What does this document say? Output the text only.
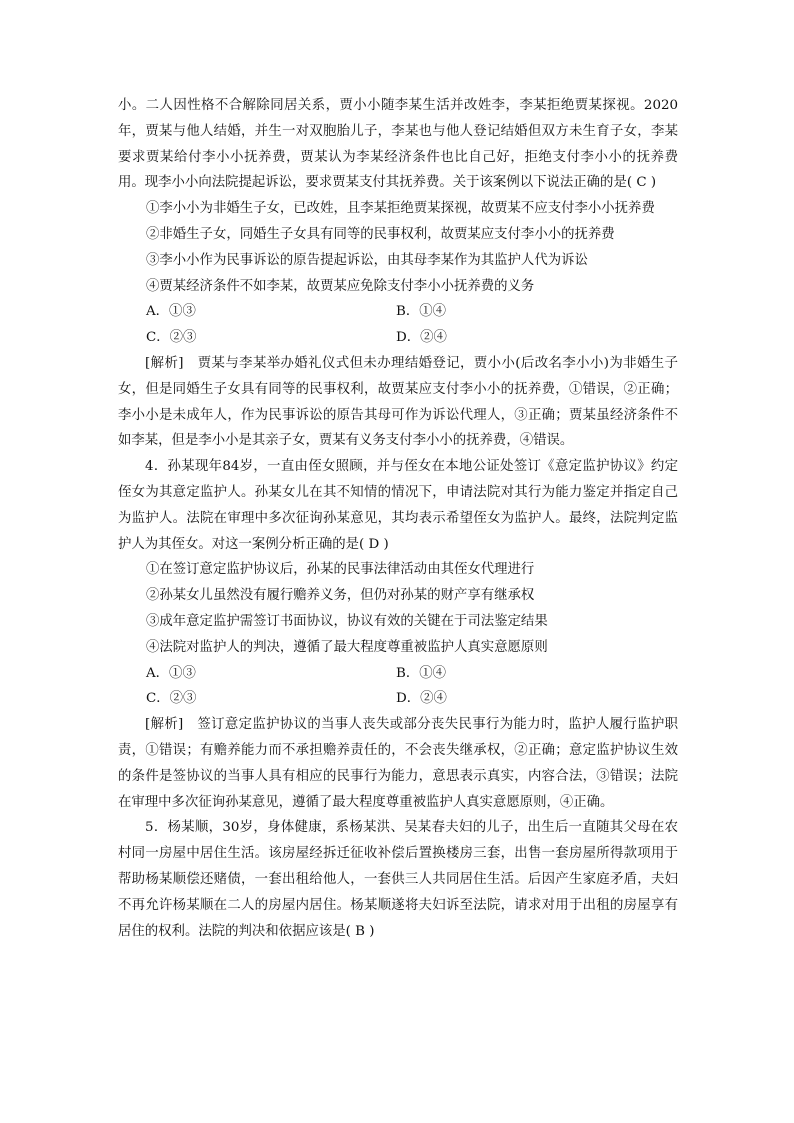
小。二人因性格不合解除同居关系，贾小小随李某生活并改姓李，李某拒绝贾某探视。2020年，贾某与他人结婚，并生一对双胞胎儿子，李某也与他人登记结婚但双方未生育子女，李某要求贾某给付李小小抚养费，贾某认为李某经济条件也比自己好，拒绝支付李小小的抚养费用。现李小小向法院提起诉讼，要求贾某支付其抚养费。关于该案例以下说法正确的是( C )

①李小小为非婚生子女，已改姓，且李某拒绝贾某探视，故贾某不应支付李小小抚养费

②非婚生子女，同婚生子女具有同等的民事权利，故贾某应支付李小小的抚养费

③李小小作为民事诉讼的原告提起诉讼，由其母李某作为其监护人代为诉讼

④贾某经济条件不如李某，故贾某应免除支付李小小抚养费的义务

A．①③	B．①④
C．②③	D．②④

[解析]　 贾某与李某举办婚礼仪式但未办理结婚登记，贾小小(后改名李小小)为非婚生子女，但是同婚生子女具有同等的民事权利，故贾某应支付李小小的抚养费，①错误，②正确；李小小是未成年人，作为民事诉讼的原告其母可作为诉讼代理人，③正确；贾某虽经济条件不如李某，但是李小小是其亲子女，贾某有义务支付李小小的抚养费，④错误。

4．孙某现年84岁，一直由侄女照顾，并与侄女在本地公证处签订《意定监护协议》约定侄女为其意定监护人。孙某女儿在其不知情的情况下，申请法院对其行为能力鉴定并指定自己为监护人。法院在审理中多次征询孙某意见，其均表示希望侄女为监护人。最终，法院判定监护人为其侄女。对这一案例分析正确的是( D )

①在签订意定监护协议后，孙某的民事法律活动由其侄女代理进行

②孙某女儿虽然没有履行赡养义务，但仍对孙某的财产享有继承权

③成年意定监护需签订书面协议，协议有效的关键在于司法鉴定结果

④法院对监护人的判决，遵循了最大程度尊重被监护人真实意愿原则

A．①③	B．①④
C．②③	D．②④

[解析]　 签订意定监护协议的当事人丧失或部分丧失民事行为能力时，监护人履行监护职责，①错误；有赡养能力而不承担赡养责任的，不会丧失继承权，②正确；意定监护协议生效的条件是签协议的当事人具有相应的民事行为能力，意思表示真实，内容合法，③错误；法院在审理中多次征询孙某意见，遵循了最大程度尊重被监护人真实意愿原则，④正确。

5．杨某顺，30岁，身体健康，系杨某洪、吴某春夫妇的儿子，出生后一直随其父母在农村同一房屋中居住生活。该房屋经拆迁征收补偿后置换楼房三套，出售一套房屋所得款项用于帮助杨某顺偿还赌债，一套出租给他人，一套供三人共同居住生活。后因产生家庭矛盾，夫妇不再允许杨某顺在二人的房屋内居住。杨某顺遂将夫妇诉至法院，请求对用于出租的房屋享有居住的权利。法院的判决和依据应该是( B )
